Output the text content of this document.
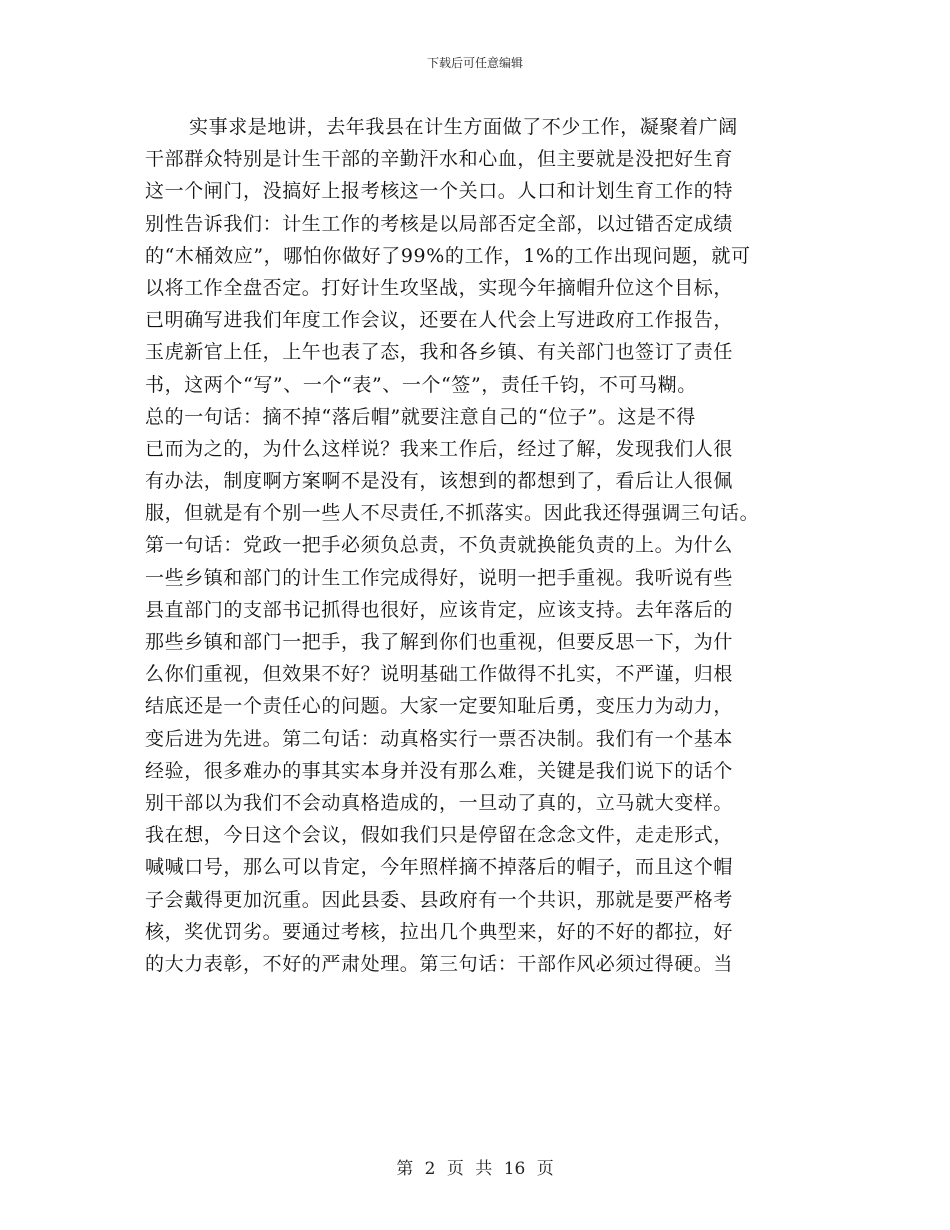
下载后可任意编辑
实事求是地讲，去年我县在计生方面做了不少工作，凝聚着广阔
干部群众特别是计生干部的辛勤汗水和心血，但主要就是没把好生育
这一个闸门，没搞好上报考核这一个关口。人口和计划生育工作的特
别性告诉我们：计生工作的考核是以局部否定全部，以过错否定成绩
的“木桶效应”，哪怕你做好了99%的工作，1%的工作出现问题，就可
以将工作全盘否定。打好计生攻坚战，实现今年摘帽升位这个目标，
已明确写进我们年度工作会议，还要在人代会上写进政府工作报告，
玉虎新官上任，上午也表了态，我和各乡镇、有关部门也签订了责任
书，这两个“写”、一个“表”、一个“签”，责任千钧，不可马糊。
总的一句话：摘不掉“落后帽”就要注意自己的“位子”。这是不得
已而为之的，为什么这样说？我来工作后，经过了解，发现我们人很
有办法，制度啊方案啊不是没有，该想到的都想到了，看后让人很佩
服，但就是有个别一些人不尽责任,不抓落实。因此我还得强调三句话。
第一句话：党政一把手必须负总责，不负责就换能负责的上。为什么
一些乡镇和部门的计生工作完成得好，说明一把手重视。我听说有些
县直部门的支部书记抓得也很好，应该肯定，应该支持。去年落后的
那些乡镇和部门一把手，我了解到你们也重视，但要反思一下，为什
么你们重视，但效果不好？说明基础工作做得不扎实，不严谨，归根
结底还是一个责任心的问题。大家一定要知耻后勇，变压力为动力，
变后进为先进。第二句话：动真格实行一票否决制。我们有一个基本
经验，很多难办的事其实本身并没有那么难，关键是我们说下的话个
别干部以为我们不会动真格造成的，一旦动了真的，立马就大变样。
我在想，今日这个会议，假如我们只是停留在念念文件，走走形式，
喊喊口号，那么可以肯定，今年照样摘不掉落后的帽子，而且这个帽
子会戴得更加沉重。因此县委、县政府有一个共识，那就是要严格考
核，奖优罚劣。要通过考核，拉出几个典型来，好的不好的都拉，好
的大力表彰，不好的严肃处理。第三句话：干部作风必须过得硬。当
第 2 页 共 16 页
